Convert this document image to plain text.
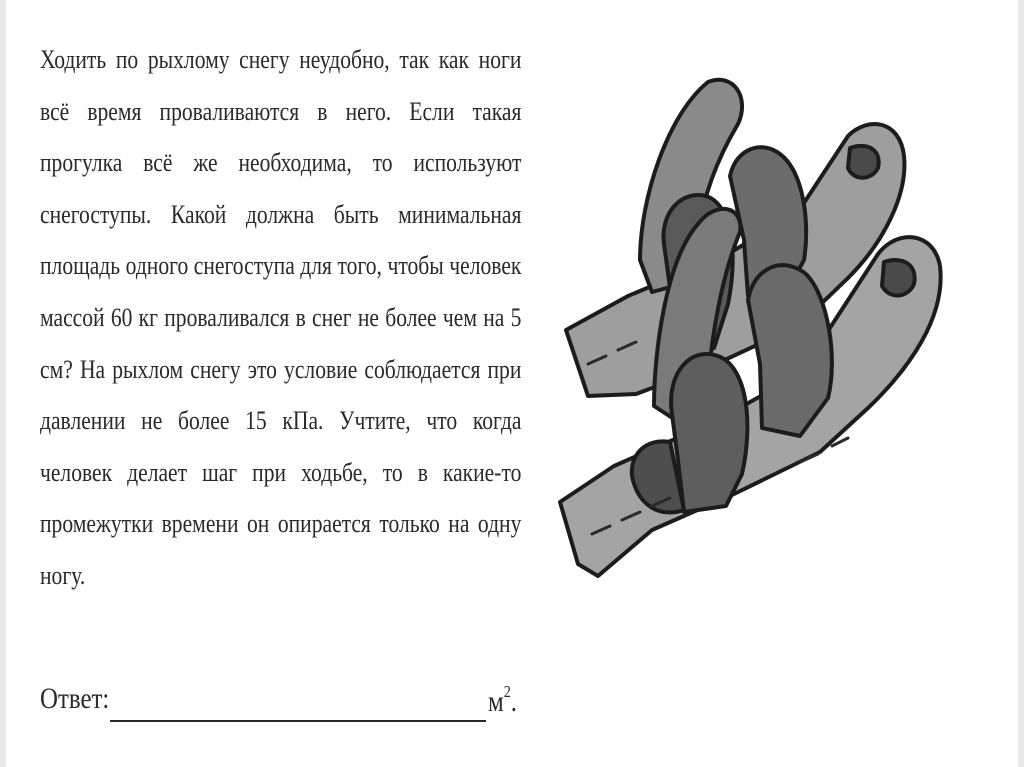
Ходить по рыхлому снегу неудобно, так как ноги всё время проваливаются в него. Если такая прогулка всё же необходима, то используют снегоступы. Какой должна быть минимальная площадь одного снегоступа для того, чтобы человек массой 60 кг проваливался в снег не более чем на 5 см? На рыхлом снегу это условие соблюдается при давлении не более 15 кПа. Учтите, что когда человек делает шаг при ходьбе, то в какие-то промежутки времени он опирается только на одну ногу.

Ответ:	$м^2$.
